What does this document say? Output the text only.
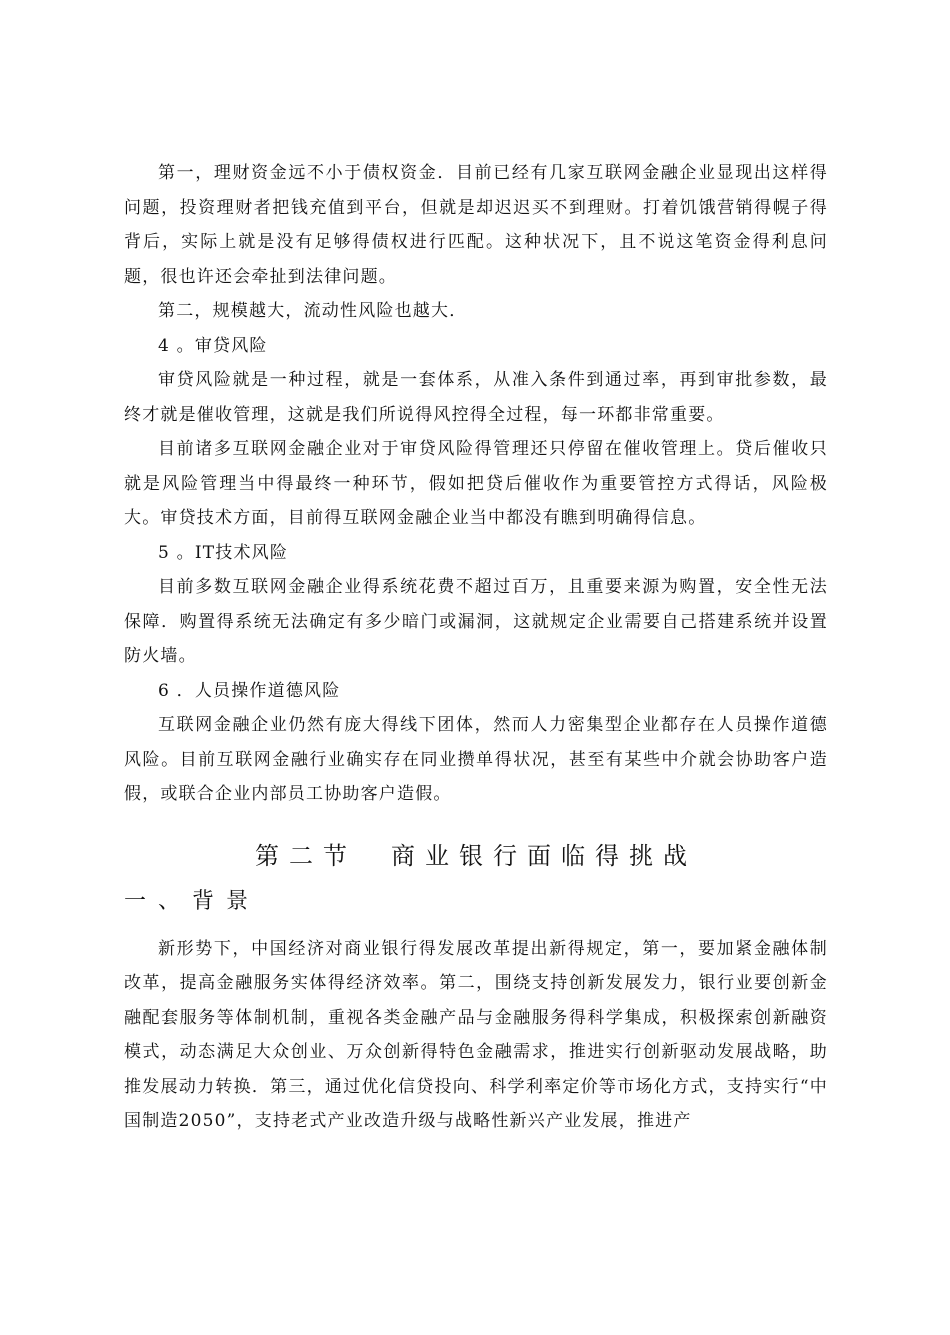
第一，理财资金远不小于债权资金．目前已经有几家互联网金融企业显现出这样得问题，投资理财者把钱充值到平台，但就是却迟迟买不到理财。打着饥饿营销得幌子得背后，实际上就是没有足够得债权进行匹配。这种状况下，且不说这笔资金得利息问题，很也许还会牵扯到法律问题。

第二，规模越大，流动性风险也越大．

4 。审贷风险

审贷风险就是一种过程，就是一套体系，从准入条件到通过率，再到审批参数，最终才就是催收管理，这就是我们所说得风控得全过程，每一环都非常重要。

目前诸多互联网金融企业对于审贷风险得管理还只停留在催收管理上。贷后催收只就是风险管理当中得最终一种环节，假如把贷后催收作为重要管控方式得话，风险极大。审贷技术方面，目前得互联网金融企业当中都没有瞧到明确得信息。

5 。IT技术风险

目前多数互联网金融企业得系统花费不超过百万，且重要来源为购置，安全性无法保障．购置得系统无法确定有多少暗门或漏洞，这就规定企业需要自己搭建系统并设置防火墙。

6 ．人员操作道德风险

互联网金融企业仍然有庞大得线下团体，然而人力密集型企业都存在人员操作道德风险。目前互联网金融行业确实存在同业攒单得状况，甚至有某些中介就会协助客户造假，或联合企业内部员工协助客户造假。

第二节　商业银行面临得挑战
一、背景

新形势下，中国经济对商业银行得发展改革提出新得规定，第一，要加紧金融体制改革，提高金融服务实体得经济效率。第二，围绕支持创新发展发力，银行业要创新金融配套服务等体制机制，重视各类金融产品与金融服务得科学集成，积极探索创新融资模式，动态满足大众创业、万众创新得特色金融需求，推进实行创新驱动发展战略，助推发展动力转换．第三，通过优化信贷投向、科学利率定价等市场化方式，支持实行“中国制造2050”，支持老式产业改造升级与战略性新兴产业发展，推进产
